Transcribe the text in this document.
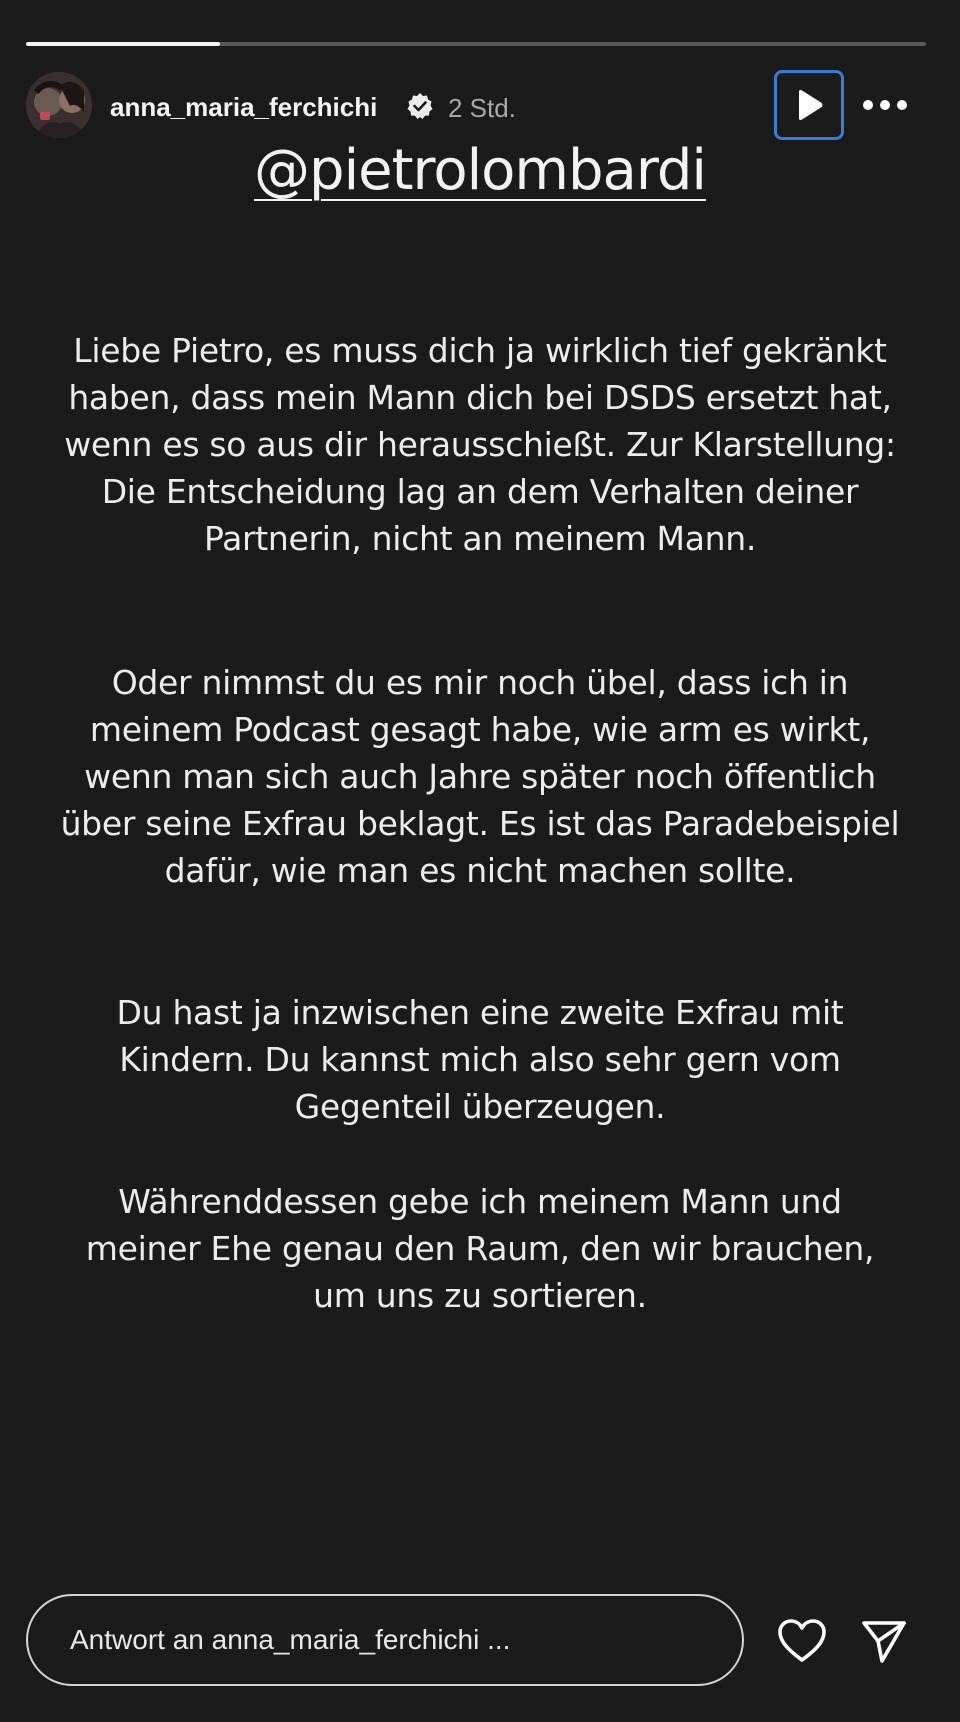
anna_maria_ferchichi	2 Std.
@pietrolombardi
Liebe Pietro, es muss dich ja wirklich tief gekränkt haben, dass mein Mann dich bei DSDS ersetzt hat, wenn es so aus dir herausschießt. Zur Klarstellung: Die Entscheidung lag an dem Verhalten deiner Partnerin, nicht an meinem Mann.
Oder nimmst du es mir noch übel, dass ich in meinem Podcast gesagt habe, wie arm es wirkt, wenn man sich auch Jahre später noch öffentlich über seine Exfrau beklagt. Es ist das Paradebeispiel dafür, wie man es nicht machen sollte.
Du hast ja inzwischen eine zweite Exfrau mit Kindern. Du kannst mich also sehr gern vom Gegenteil überzeugen.
Währenddessen gebe ich meinem Mann und meiner Ehe genau den Raum, den wir brauchen, um uns zu sortieren.
Antwort an anna_maria_ferchichi ...
